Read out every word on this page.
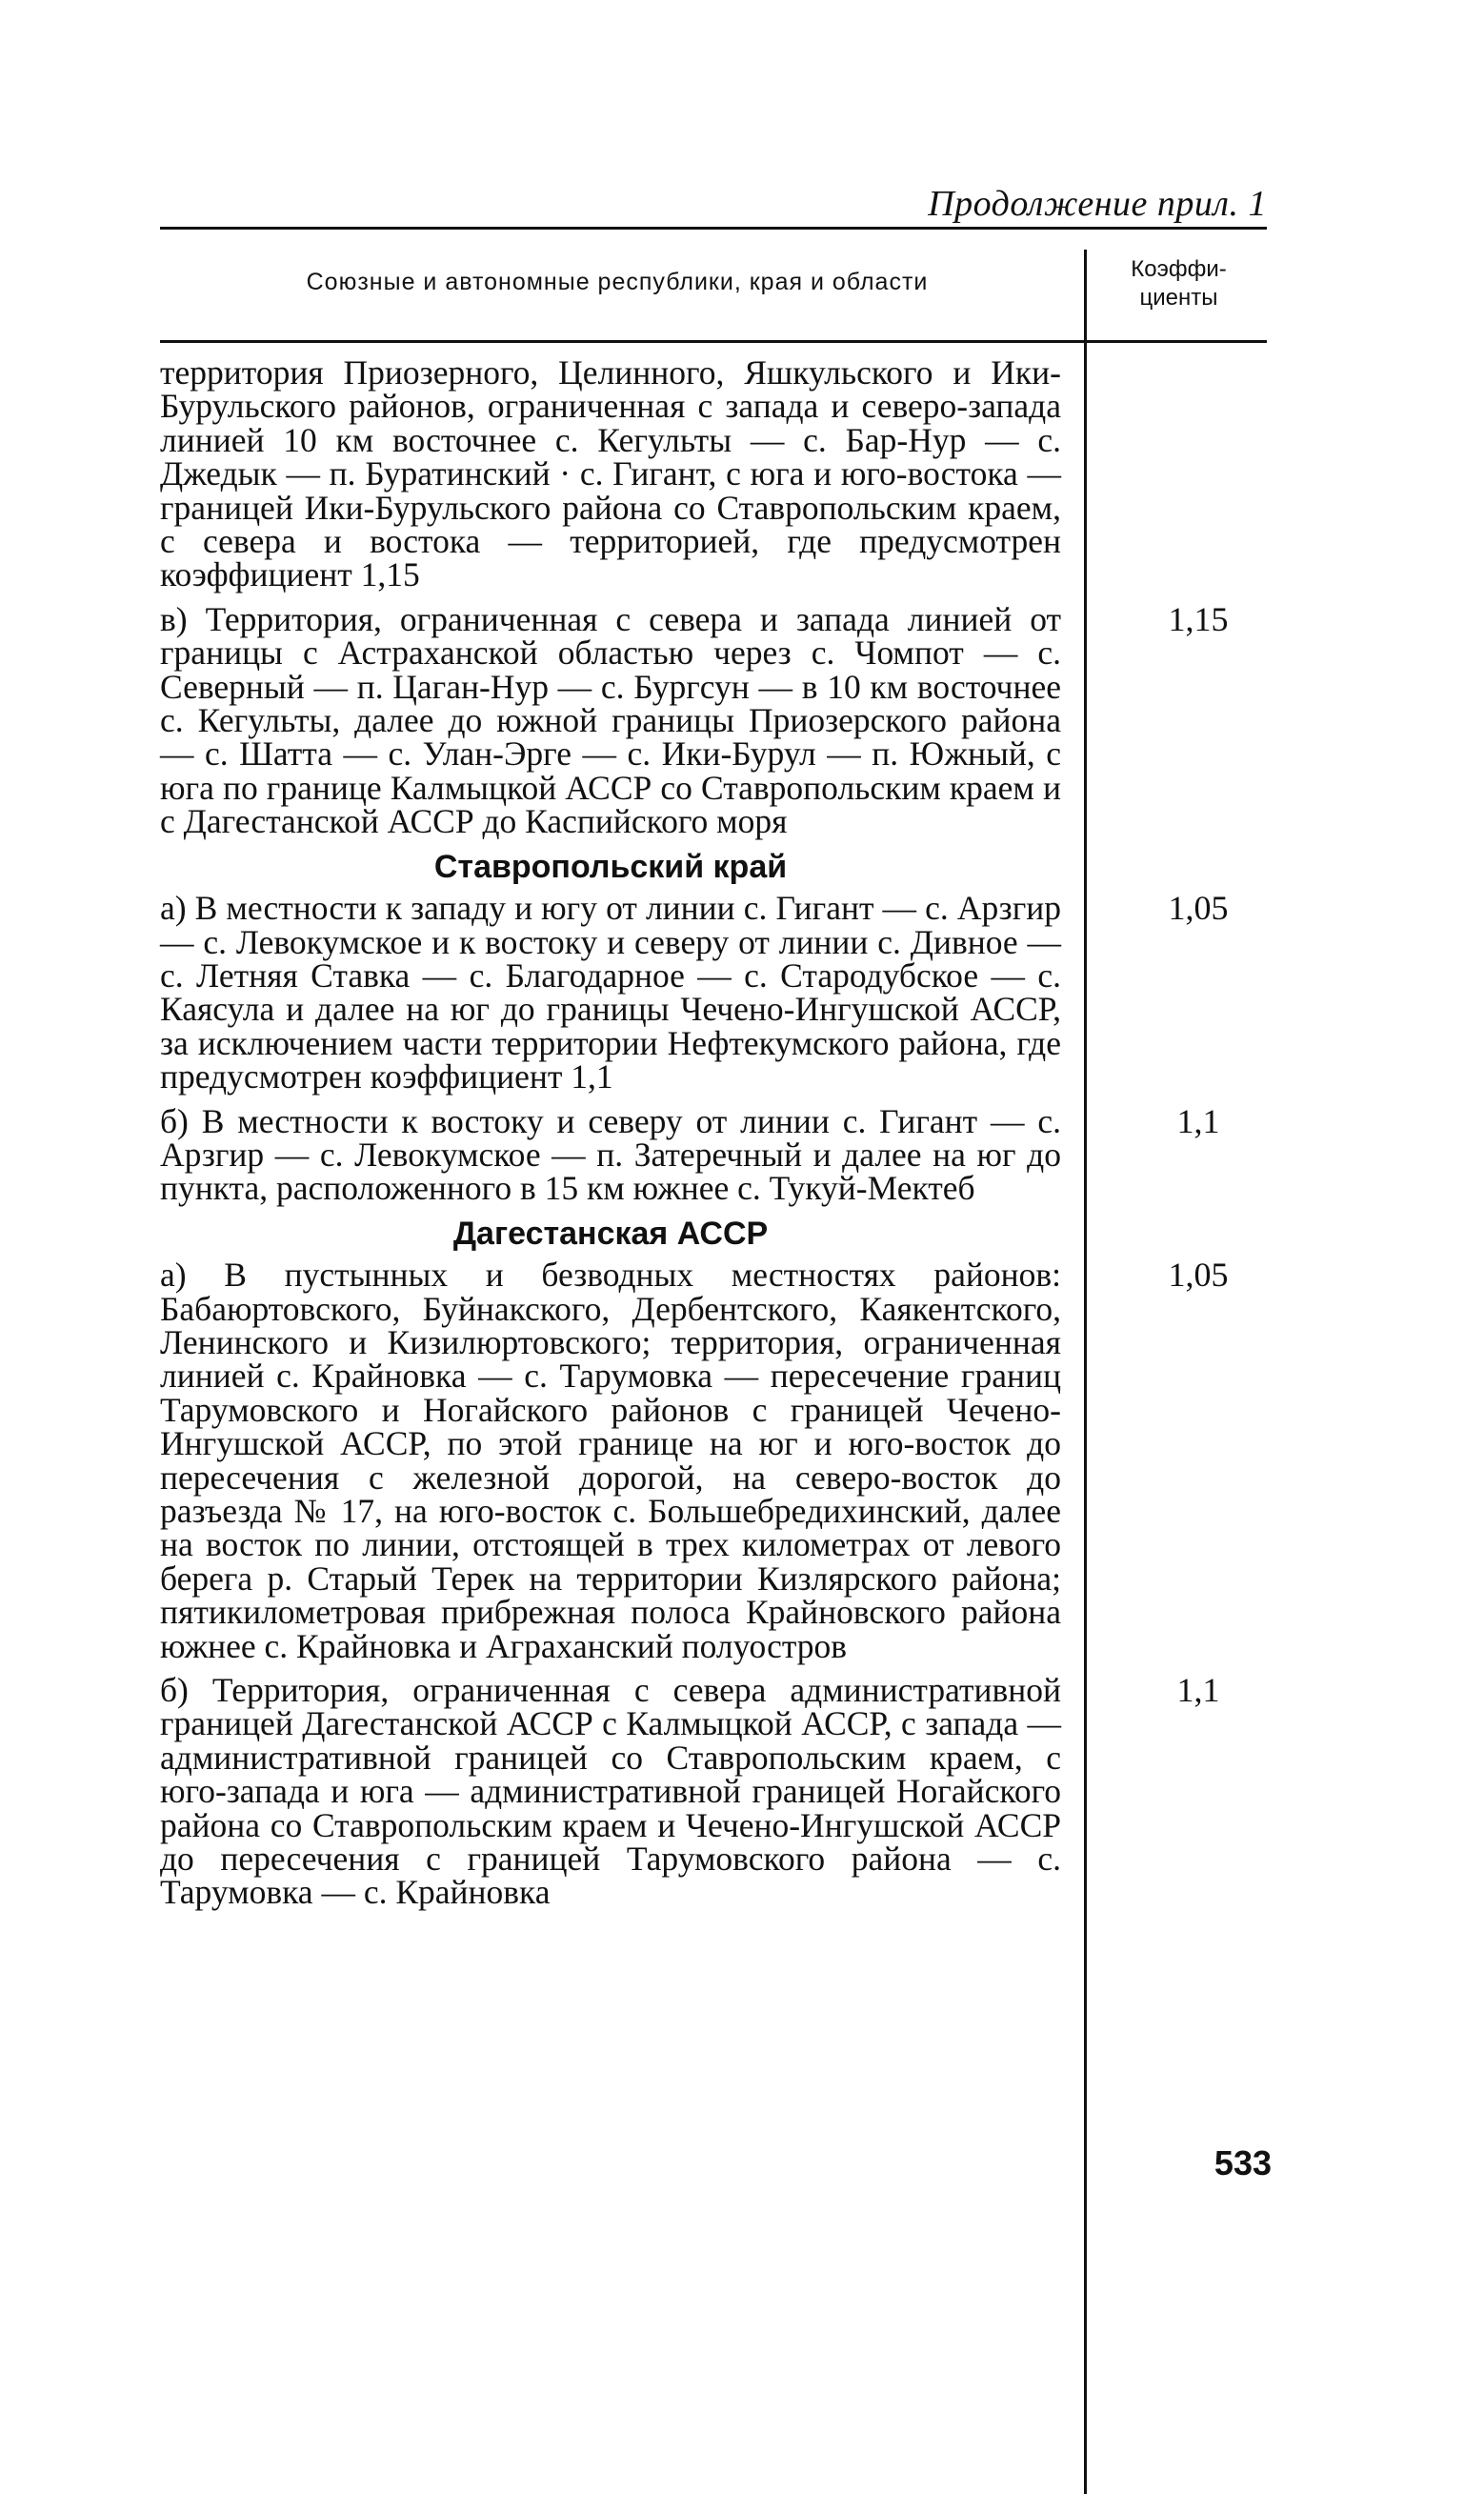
Продолжение прил. 1
Союзные и автономные республики, края и области	Коэффи-
циенты
территория Приозерного, Целинного, Яшкульского и Ики-Бурульского районов, ограниченная с запада и северо-запада линией 10 км восточнее с. Кегульты — с. Бар-Нур — с. Джедык — п. Буратинский · с. Гигант, с юга и юго-востока — границей Ики-Бурульского района со Ставропольским краем, с севера и востока — территорией, где предусмотрен коэффициент 1,15
в) Территория, ограниченная с севера и запада линией от границы с Астраханской областью через с. Чомпот — с. Северный — п. Цаган-Нур — с. Бургсун — в 10 км восточнее с. Кегульты, далее до южной границы Приозерского района — с. Шатта — с. Улан-Эрге — с. Ики-Бурул — п. Южный, с юга по границе Калмыцкой АССР со Ставропольским краем и с Дагестанской АССР до Каспийского моря
1,15
Ставропольский край
а) В местности к западу и югу от линии с. Гигант — с. Арзгир — с. Левокумское и к востоку и северу от линии с. Дивное — с. Летняя Ставка — с. Благодарное — с. Стародубское — с. Каясула и далее на юг до границы Чечено-Ингушской АССР, за исключением части территории Нефтекумского района, где предусмотрен коэффициент 1,1
1,05
б) В местности к востоку и северу от линии с. Гигант — с. Арзгир — с. Левокумское — п. Затеречный и далее на юг до пункта, расположенного в 15 км южнее с. Тукуй-Мектеб
1,1
Дагестанская АССР
а) В пустынных и безводных местностях районов: Бабаюртовского, Буйнакского, Дербентского, Каякентского, Ленинского и Кизилюртовского; территория, ограниченная линией с. Крайновка — с. Тарумовка — пересечение границ Тарумовского и Ногайского районов с границей Чечено-Ингушской АССР, по этой границе на юг и юго-восток до пересечения с железной дорогой, на северо-восток до разъезда № 17, на юго-восток с. Большебредихинский, далее на восток по линии, отстоящей в трех километрах от левого берега р. Старый Терек на территории Кизлярского района; пятикилометровая прибрежная полоса Крайновского района южнее с. Крайновка и Аграханский полуостров
1,05
б) Территория, ограниченная с севера административной границей Дагестанской АССР с Калмыцкой АССР, с запада — административной границей со Ставропольским краем, с юго-запада и юга — административной границей Ногайского района со Ставропольским краем и Чечено-Ингушской АССР до пересечения с границей Тарумовского района — с. Тарумовка — с. Крайновка
1,1
533
